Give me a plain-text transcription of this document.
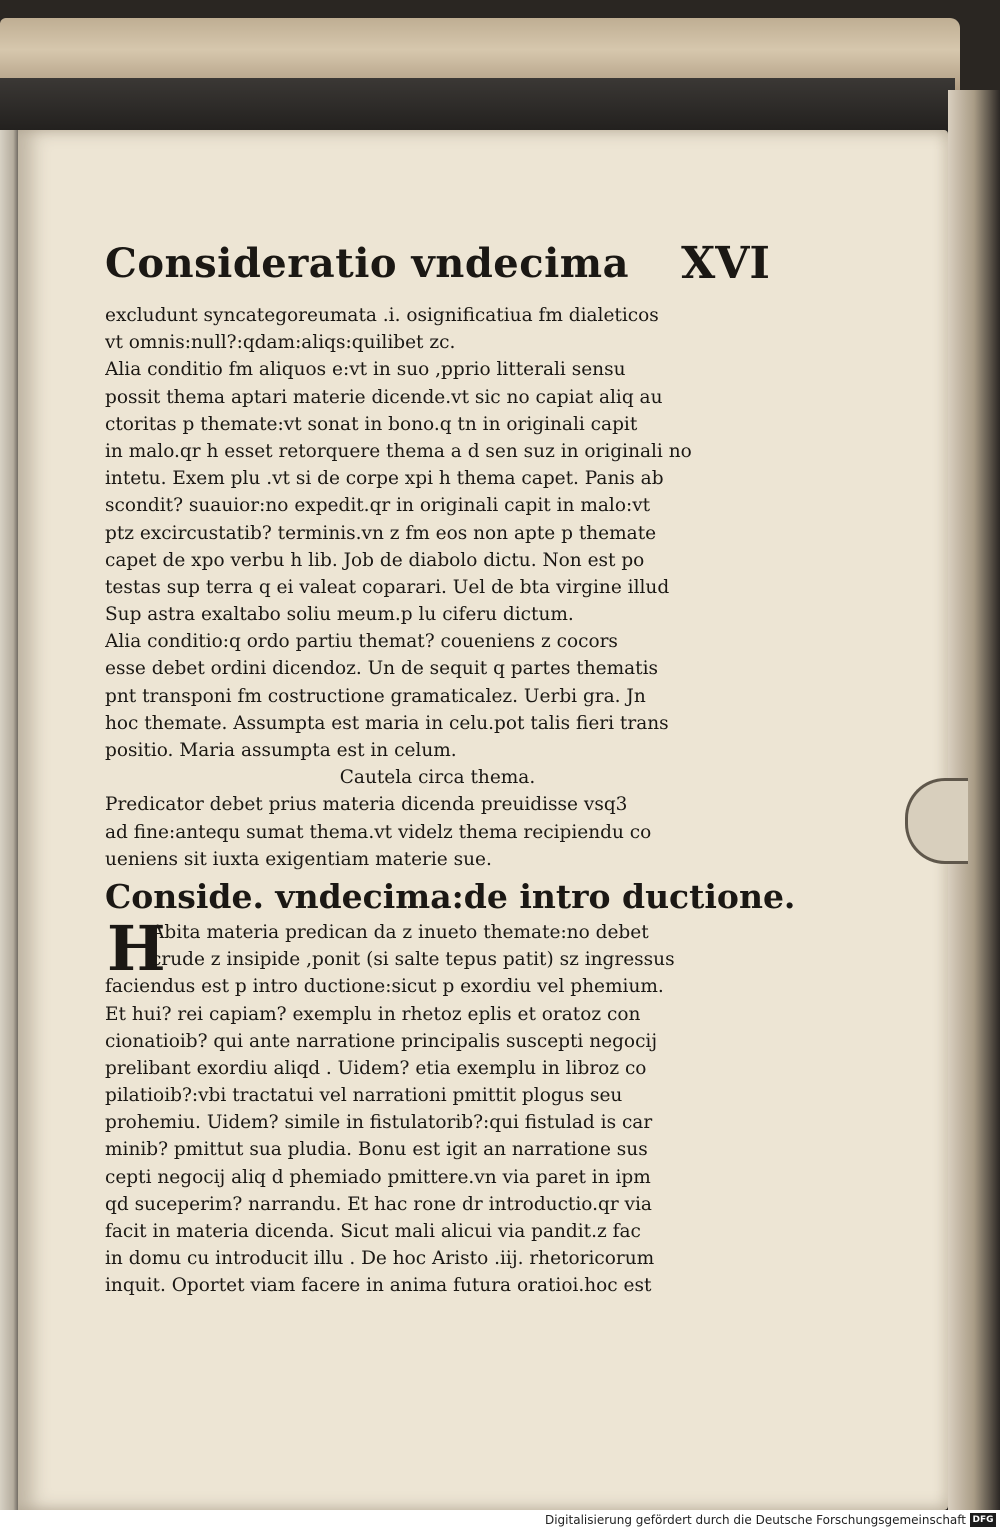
Consideratio vndecima XVI
excludunt syncategoreumata .i. osignificatiua fm dialeticos
vt omnis:null?:qdam:aliqs:quilibet zc.
Alia conditio fm aliquos e:vt in suo ,pprio litterali sensu
possit thema aptari materie dicende.vt sic no capiat aliq au
ctoritas p themate:vt sonat in bono.q tn in originali capit
in malo.qr h esset retorquere thema a d sen suz in originali no
intetu. Exem plu .vt si de corpe xpi h thema capet. Panis ab
scondit? suauior:no expedit.qr in originali capit in malo:vt
ptz excircustatib? terminis.vn z fm eos non apte p themate
capet de xpo verbu h lib. Job de diabolo dictu. Non est po
testas sup terra q ei valeat coparari. Uel de bta virgine illud
Sup astra exaltabo soliu meum.p lu ciferu dictum.
Alia conditio:q ordo partiu themat? coueniens z cocors
esse debet ordini dicendoz. Un de sequit q partes thematis
pnt transponi fm costructione gramaticalez. Uerbi gra. Jn
hoc themate. Assumpta est maria in celu.pot talis fieri trans
positio. Maria assumpta est in celum.
Cautela circa thema.
Predicator debet prius materia dicenda preuidisse vsq3
ad fine:antequ sumat thema.vt videlz thema recipiendu co
ueniens sit iuxta exigentiam materie sue.
Conside. vndecima:de intro ductione.
H
Abita materia predican da z inueto themate:no debet
crude z insipide ,ponit (si salte tepus patit) sz ingressus
faciendus est p intro ductione:sicut p exordiu vel phemium.
Et hui? rei capiam? exemplu in rhetoz eplis et oratoz con
cionatioib? qui ante narratione principalis suscepti negocij
prelibant exordiu aliqd . Uidem? etia exemplu in libroz co
pilatioib?:vbi tractatui vel narrationi pmittit plogus seu
prohemiu. Uidem? simile in fistulatorib?:qui fistulad is car
minib? pmittut sua pludia. Bonu est igit an narratione sus
cepti negocij aliq d phemiado pmittere.vn via paret in ipm
qd suceperim? narrandu. Et hac rone dr introductio.qr via
facit in materia dicenda. Sicut mali alicui via pandit.z fac
in domu cu introducit illu . De hoc Aristo .iij. rhetoricorum
inquit. Oportet viam facere in anima futura oratioi.hoc est
Digitalisierung gefördert durch die Deutsche Forschungsgemeinschaft DFG
